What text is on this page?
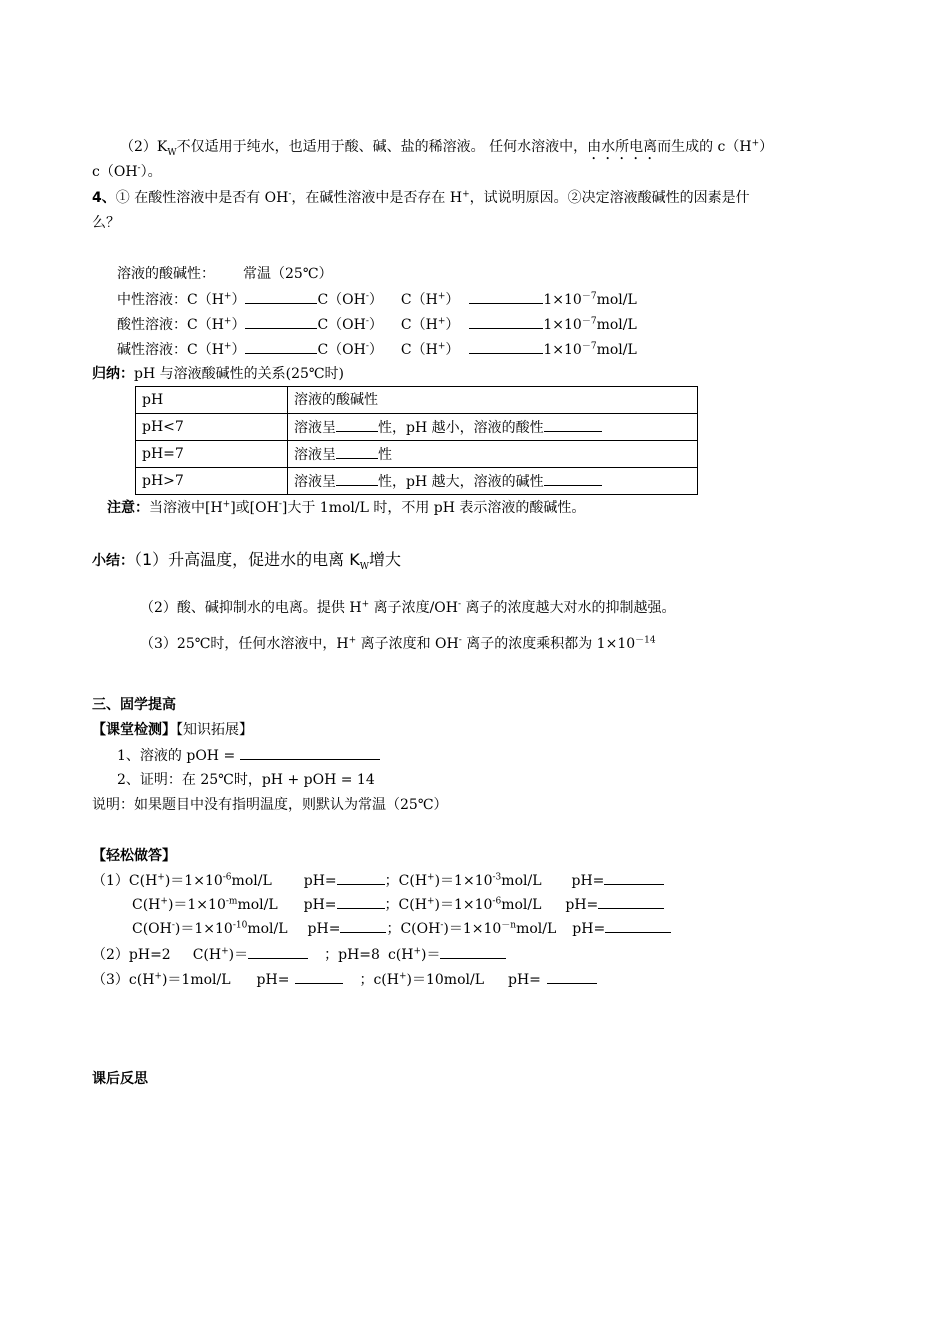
$(2)K_W$不仅适用于纯水，也适用于酸、碱、盐的稀溶液。 任何水溶液中，由水所电离而生成的 c（H+）
c（OH-）。
4、① 在酸性溶液中是否有 OH-，在碱性溶液中是否存在 H+，试说明原因。②决定溶液酸碱性的因素是什
么？
溶液的酸碱性： 常温（25℃）
中性溶液：C（H+）	C（OH-） C（H+）	$1\times 10^{-7}mol/L$
酸性溶液：C（H+）	C（OH-） C（H+）	$1\times 10^{-7}mol/L$
碱性溶液：C（H+）	C（OH-） C（H+）	$1\times 10^{-7}mol/L$
归纳：pH 与溶液酸碱性的关系(25℃时)
pH	溶液的酸碱性
pH<7	溶液呈 性，pH 越小，溶液的酸性
pH=7	溶液呈 性
pH>7	溶液呈 性，pH 越大，溶液的碱性
注意：当溶液中[H+]或[OH-]大于 1mol/L 时，不用 pH 表示溶液的酸碱性。
小结：（1）升高温度，促进水的电离 $K_W$增大
（2）酸、碱抑制水的电离。提供 H+ 离子浓度/OH- 离子的浓度越大对水的抑制越强。
（3）25℃时，任何水溶液中，H+ 离子浓度和 OH- 离子的浓度乘积都为 $1\times 10^{-14}$
三、固学提高
【课堂检测】【知识拓展】
1、溶液的 pOH =
2、证明：在 25℃时，pH + pOH = 14
说明：如果题目中没有指明温度，则默认为常温（25℃）
【轻松做答】
$(1)C(H^+)=1\times 10^{-6}mol/L$ pH=	；$C(H^+)=1\times 10^{-3}mol/L$ pH=
$C(H^+)=1\times 10^{-m}mol/L$ pH=	；$C(H^+)=1\times 10^{-6}mol/L$ pH=
$C(OH^-)=1\times 10^{-10}mol/L$ pH=	；$C(OH^-)=1\times 10^{-n}mol/L$ pH=
（2）pH=2 C(H+)＝	；pH=8 c(H+)＝
（3）c(H+)＝1mol/L pH=	；c(H+)＝10mol/L pH=
课后反思
